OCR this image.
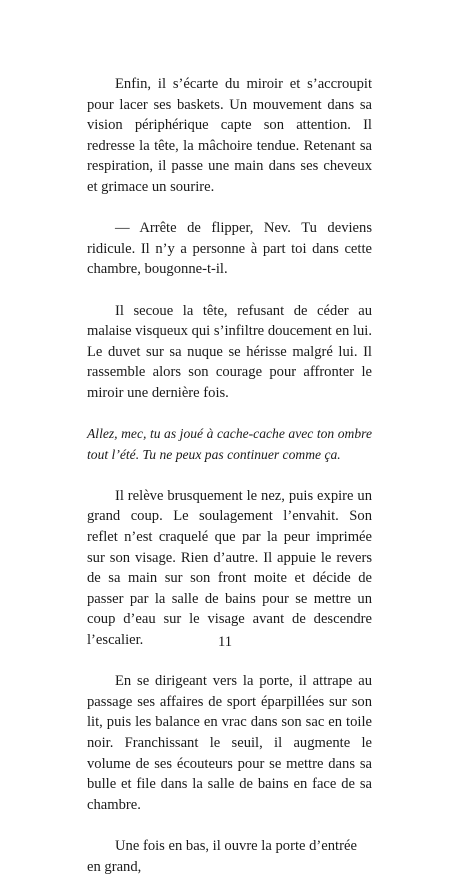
Enfin, il s’écarte du miroir et s’accroupit pour lacer ses baskets. Un mouvement dans sa vision périphérique capte son attention. Il redresse la tête, la mâchoire tendue. Retenant sa respiration, il passe une main dans ses cheveux et grimace un sourire.

— Arrête de flipper, Nev. Tu deviens ridicule. Il n’y a personne à part toi dans cette chambre, bougonne-t-il.

Il secoue la tête, refusant de céder au malaise visqueux qui s’infiltre doucement en lui. Le duvet sur sa nuque se hérisse malgré lui. Il rassemble alors son courage pour affronter le miroir une dernière fois.

Allez, mec, tu as joué à cache-cache avec ton ombre tout l’été. Tu ne peux pas continuer comme ça.

Il relève brusquement le nez, puis expire un grand coup. Le soulagement l’envahit. Son reflet n’est craquelé que par la peur imprimée sur son visage. Rien d’autre. Il appuie le revers de sa main sur son front moite et décide de passer par la salle de bains pour se mettre un coup d’eau sur le visage avant de descendre l’escalier.

En se dirigeant vers la porte, il attrape au passage ses affaires de sport éparpillées sur son lit, puis les balance en vrac dans son sac en toile noir. Franchissant le seuil, il augmente le volume de ses écouteurs pour se mettre dans sa bulle et file dans la salle de bains en face de sa chambre.

Une fois en bas, il ouvre la porte d’entrée en grand,

11
